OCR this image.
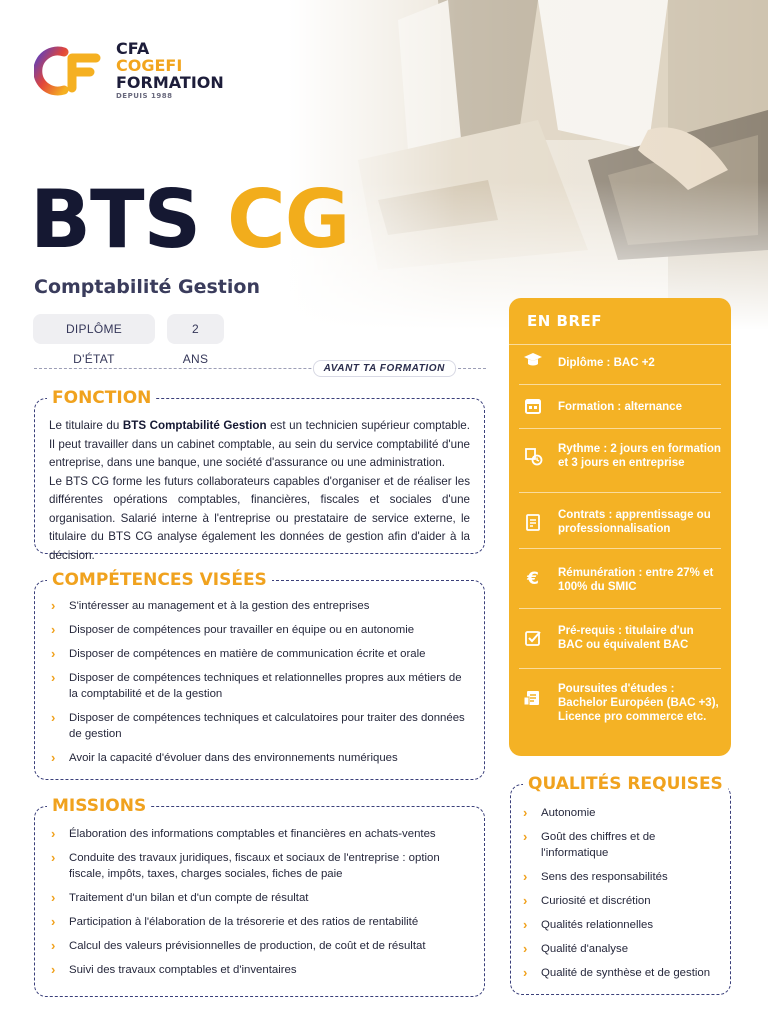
CFA
COGEFI
FORMATION
DEPUIS 1988
BTS CG
Comptabilité Gestion
DIPLÔME D'ÉTAT
2 ANS
AVANT TA FORMATION
FONCTION
Le titulaire du BTS Comptabilité Gestion est un technicien supérieur comptable. Il peut travailler dans un cabinet comptable, au sein du service comptabilité d'une entreprise, dans une banque, une société d'assurance ou une administration.
Le BTS CG forme les futurs collaborateurs capables d'organiser et de réaliser les différentes opérations comptables, financières, fiscales et sociales d'une organisation. Salarié interne à l'entreprise ou prestataire de service externe, le titulaire du BTS CG analyse également les données de gestion afin d'aider à la décision.
COMPÉTENCES VISÉES
› S'intéresser au management et à la gestion des entreprises
› Disposer de compétences pour travailler en équipe ou en autonomie
› Disposer de compétences en matière de communication écrite et orale
› Disposer de compétences techniques et relationnelles propres aux métiers de la comptabilité et de la gestion
› Disposer de compétences techniques et calculatoires pour traiter des données de gestion
› Avoir la capacité d'évoluer dans des environnements numériques
MISSIONS
› Élaboration des informations comptables et financières en achats-ventes
› Conduite des travaux juridiques, fiscaux et sociaux de l'entreprise : option fiscale, impôts, taxes, charges sociales, fiches de paie
› Traitement d'un bilan et d'un compte de résultat
› Participation à l'élaboration de la trésorerie et des ratios de rentabilité
› Calcul des valeurs prévisionnelles de production, de coût et de résultat
› Suivi des travaux comptables et d'inventaires
EN BREF
Diplôme : BAC +2
Formation : alternance
Rythme : 2 jours en formation et 3 jours en entreprise
Contrats : apprentissage ou professionnalisation
€ Rémunération : entre 27% et 100% du SMIC
Pré-requis : titulaire d'un BAC ou équivalent BAC
Poursuites d'études : Bachelor Européen (BAC +3), Licence pro commerce etc.
QUALITÉS REQUISES
› Autonomie
› Goût des chiffres et de l'informatique
› Sens des responsabilités
› Curiosité et discrétion
› Qualités relationnelles
› Qualité d'analyse
› Qualité de synthèse et de gestion
